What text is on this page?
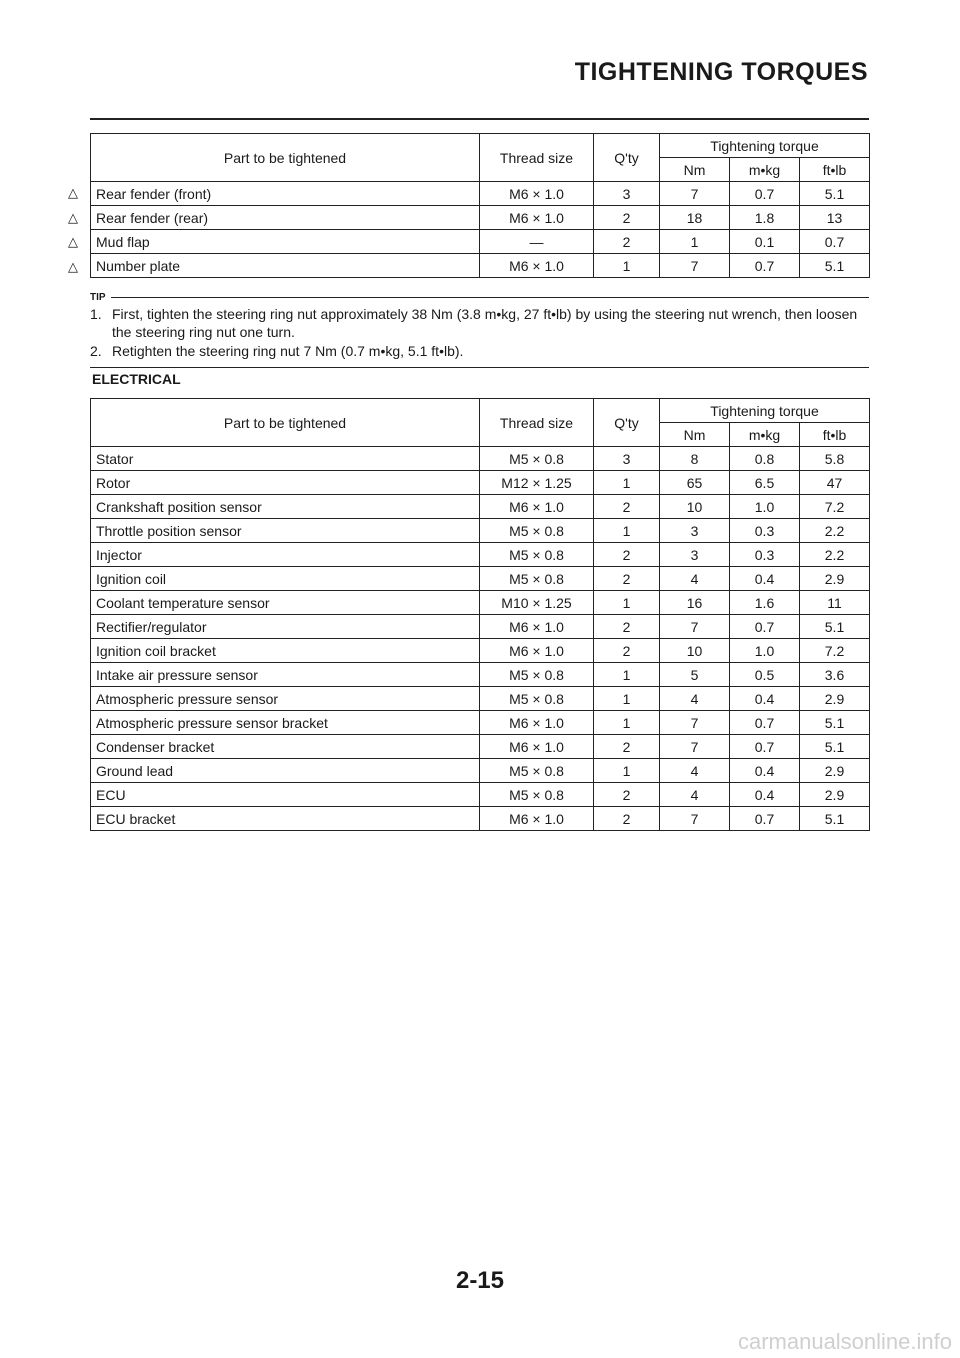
TIGHTENING TORQUES
Part to be tightened	Thread size	Q'ty	Tightening torque		
			Nm	m•kg	ft•lb
Rear fender (front)	M6 × 1.0	3	7	0.7	5.1
Rear fender (rear)	M6 × 1.0	2	18	1.8	13
Mud flap	—	2	1	0.1	0.7
Number plate	M6 × 1.0	1	7	0.7	5.1
△
△
△
△
TIP
1. First, tighten the steering ring nut approximately 38 Nm (3.8 m•kg, 27 ft•lb) by using the steering nut wrench, then loosen the steering ring nut one turn.
2. Retighten the steering ring nut 7 Nm (0.7 m•kg, 5.1 ft•lb).
ELECTRICAL
Part to be tightened	Thread size	Q'ty	Tightening torque		
			Nm	m•kg	ft•lb
Stator	M5 × 0.8	3	8	0.8	5.8
Rotor	M12 × 1.25	1	65	6.5	47
Crankshaft position sensor	M6 × 1.0	2	10	1.0	7.2
Throttle position sensor	M5 × 0.8	1	3	0.3	2.2
Injector	M5 × 0.8	2	3	0.3	2.2
Ignition coil	M5 × 0.8	2	4	0.4	2.9
Coolant temperature sensor	M10 × 1.25	1	16	1.6	11
Rectifier/regulator	M6 × 1.0	2	7	0.7	5.1
Ignition coil bracket	M6 × 1.0	2	10	1.0	7.2
Intake air pressure sensor	M5 × 0.8	1	5	0.5	3.6
Atmospheric pressure sensor	M5 × 0.8	1	4	0.4	2.9
Atmospheric pressure sensor bracket	M6 × 1.0	1	7	0.7	5.1
Condenser bracket	M6 × 1.0	2	7	0.7	5.1
Ground lead	M5 × 0.8	1	4	0.4	2.9
ECU	M5 × 0.8	2	4	0.4	2.9
ECU bracket	M6 × 1.0	2	7	0.7	5.1
2-15
carmanualsonline.info
